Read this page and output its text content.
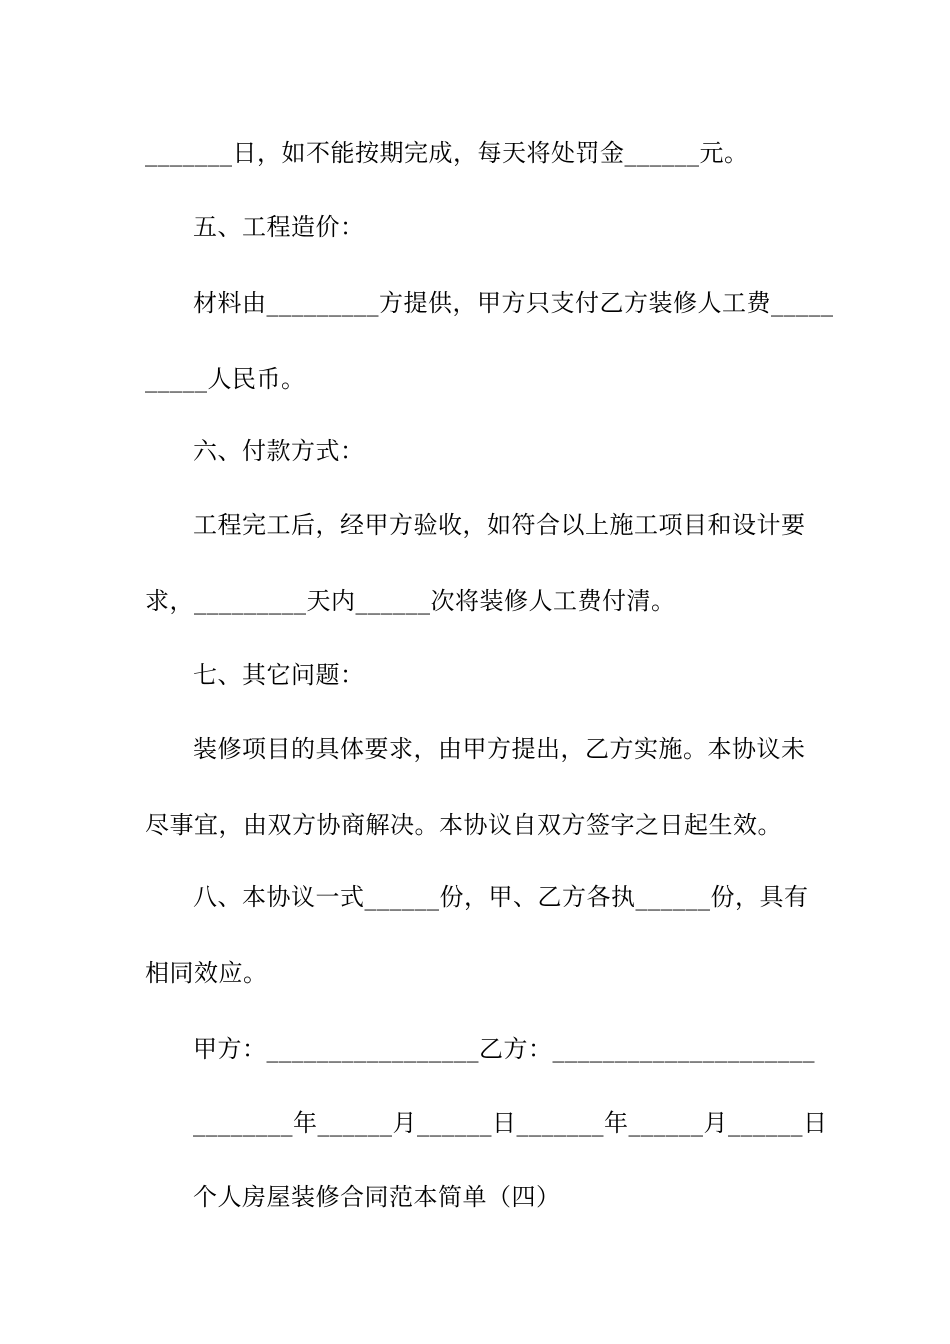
_______日，如不能按期完成，每天将处罚金______元。
五、工程造价：
材料由_________方提供，甲方只支付乙方装修人工费_____
_____人民币。
六、付款方式：
工程完工后，经甲方验收，如符合以上施工项目和设计要
求，_________天内______次将装修人工费付清。
七、其它问题：
装修项目的具体要求，由甲方提出，乙方实施。本协议未
尽事宜，由双方协商解决。本协议自双方签字之日起生效。
八、本协议一式______份，甲、乙方各执______份，具有
相同效应。
甲方：_________________乙方：_____________________
________年______月______日_______年______月______日
个人房屋装修合同范本简单（四）
